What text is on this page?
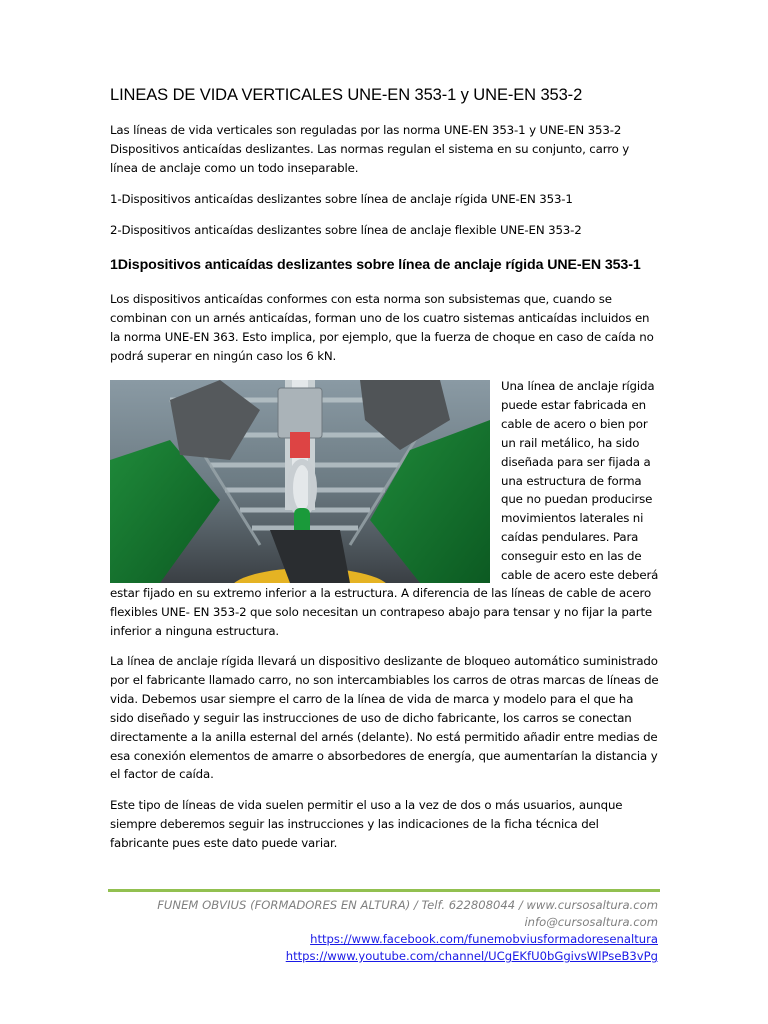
LINEAS DE VIDA VERTICALES UNE-EN 353-1 y UNE-EN 353-2

Las líneas de vida verticales son reguladas por las norma UNE-EN 353-1 y UNE-EN 353-2 Dispositivos anticaídas deslizantes. Las normas regulan el sistema en su conjunto, carro y línea de anclaje como un todo inseparable.

1-Dispositivos anticaídas deslizantes sobre línea de anclaje rígida UNE-EN 353-1

2-Dispositivos anticaídas deslizantes sobre línea de anclaje flexible UNE-EN 353-2

1Dispositivos anticaídas deslizantes sobre línea de anclaje rígida UNE-EN 353-1

Los dispositivos anticaídas conformes con esta norma son subsistemas que, cuando se combinan con un arnés anticaídas, forman uno de los cuatro sistemas anticaídas incluidos en la norma UNE-EN 363. Esto implica, por ejemplo, que la fuerza de choque en caso de caída no podrá superar en ningún caso los 6 kN.

Una línea de anclaje rígida puede estar fabricada en cable de acero o bien por un rail metálico, ha sido diseñada para ser fijada a una estructura de forma que no puedan producirse movimientos laterales ni caídas pendulares. Para conseguir esto en las de cable de acero este deberá

estar fijado en su extremo inferior a la estructura. A diferencia de las líneas de cable de acero flexibles UNE- EN 353-2 que solo necesitan un contrapeso abajo para tensar y no fijar la parte inferior a ninguna estructura.

La línea de anclaje rígida llevará un dispositivo deslizante de bloqueo automático suministrado por el fabricante llamado carro, no son intercambiables los carros de otras marcas de líneas de vida. Debemos usar siempre el carro de la línea de vida de marca y modelo para el que ha sido diseñado y seguir las instrucciones de uso de dicho fabricante, los carros se conectan directamente a la anilla esternal del arnés (delante). No está permitido añadir entre medias de esa conexión elementos de amarre o absorbedores de energía, que aumentarían la distancia y el factor de caída.

Este tipo de líneas de vida suelen permitir el uso a la vez de dos o más usuarios, aunque siempre deberemos seguir las instrucciones y las indicaciones de la ficha técnica del fabricante pues este dato puede variar.

FUNEM OBVIUS (FORMADORES EN ALTURA) / Telf. 622808044 / www.cursosaltura.com
info@cursosaltura.com
https://www.facebook.com/funemobviusformadoresenaltura
https://www.youtube.com/channel/UCgEKfU0bGgivsWlPseB3vPg
